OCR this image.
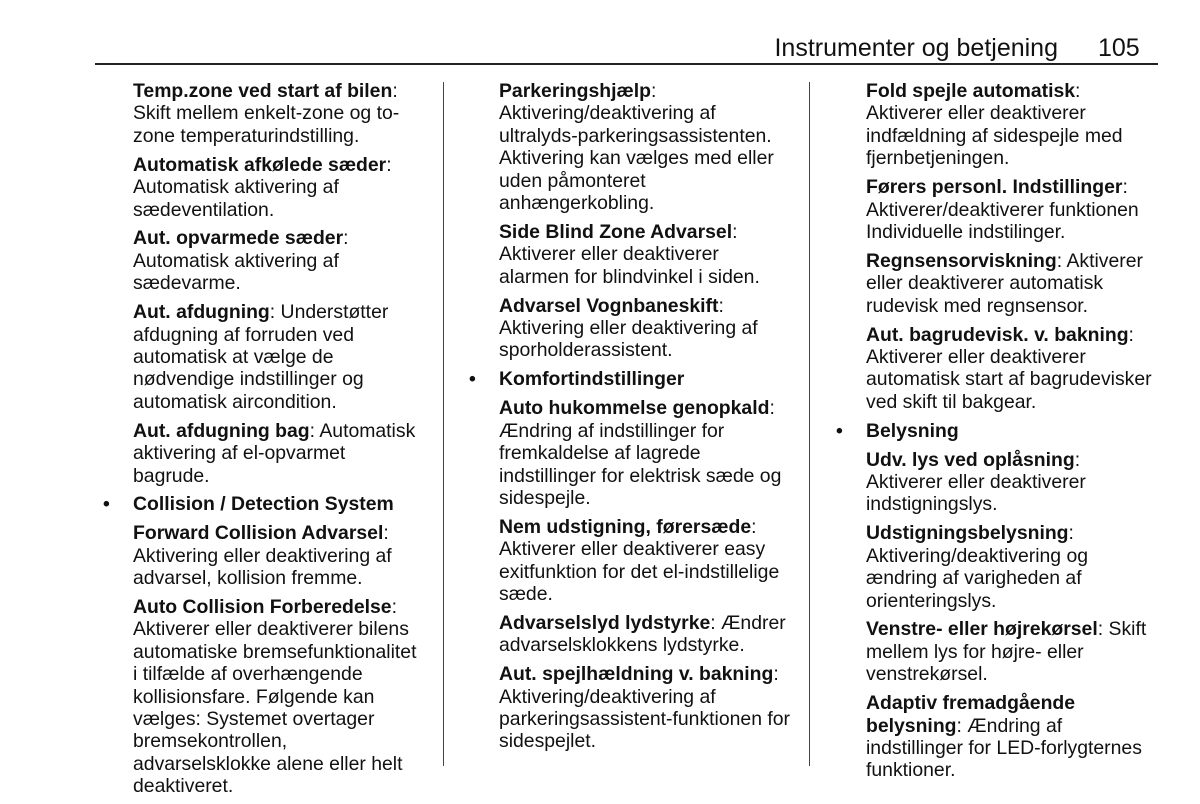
Instrumenter og betjening 105
Temp.zone ved start af bilen: Skift mellem enkelt-zone og to-zone temperaturindstilling.
Automatisk afkølede sæder: Automatisk aktivering af sædeventilation.
Aut. opvarmede sæder: Automatisk aktivering af sædevarme.
Aut. afdugning: Understøtter afdugning af forruden ved automatisk at vælge de nødvendige indstillinger og automatisk aircondition.
Aut. afdugning bag: Automatisk aktivering af el-opvarmet bagrude.
• Collision / Detection System
Forward Collision Advarsel: Aktivering eller deaktivering af advarsel, kollision fremme.
Auto Collision Forberedelse: Aktiverer eller deaktiverer bilens automatiske bremsefunktionalitet i tilfælde af overhængende kollisionsfare. Følgende kan vælges: Systemet overtager bremsekontrollen, advarselsklokke alene eller helt deaktiveret.
Parkeringshjælp: Aktivering/deaktivering af ultralyds-parkeringsassistenten. Aktivering kan vælges med eller uden påmonteret anhængerkobling.
Side Blind Zone Advarsel: Aktiverer eller deaktiverer alarmen for blindvinkel i siden.
Advarsel Vognbaneskift: Aktivering eller deaktivering af sporholderassistent.
• Komfortindstillinger
Auto hukommelse genopkald: Ændring af indstillinger for fremkaldelse af lagrede indstillinger for elektrisk sæde og sidespejle.
Nem udstigning, førersæde: Aktiverer eller deaktiverer easy exitfunktion for det el-indstillelige sæde.
Advarselslyd lydstyrke: Ændrer advarselsklokkens lydstyrke.
Aut. spejlhældning v. bakning: Aktivering/deaktivering af parkeringsassistent-funktionen for sidespejlet.
Fold spejle automatisk: Aktiverer eller deaktiverer indfældning af sidespejle med fjernbetjeningen.
Førers personl. Indstillinger: Aktiverer/deaktiverer funktionen Individuelle indstilinger.
Regnsensorviskning: Aktiverer eller deaktiverer automatisk rudevisk med regnsensor.
Aut. bagrudevisk. v. bakning: Aktiverer eller deaktiverer automatisk start af bagrudevisker ved skift til bakgear.
• Belysning
Udv. lys ved oplåsning: Aktiverer eller deaktiverer indstigningslys.
Udstigningsbelysning: Aktivering/deaktivering og ændring af varigheden af orienteringslys.
Venstre- eller højrekørsel: Skift mellem lys for højre- eller venstrekørsel.
Adaptiv fremadgående belysning: Ændring af indstillinger for LED-forlygternes funktioner.
